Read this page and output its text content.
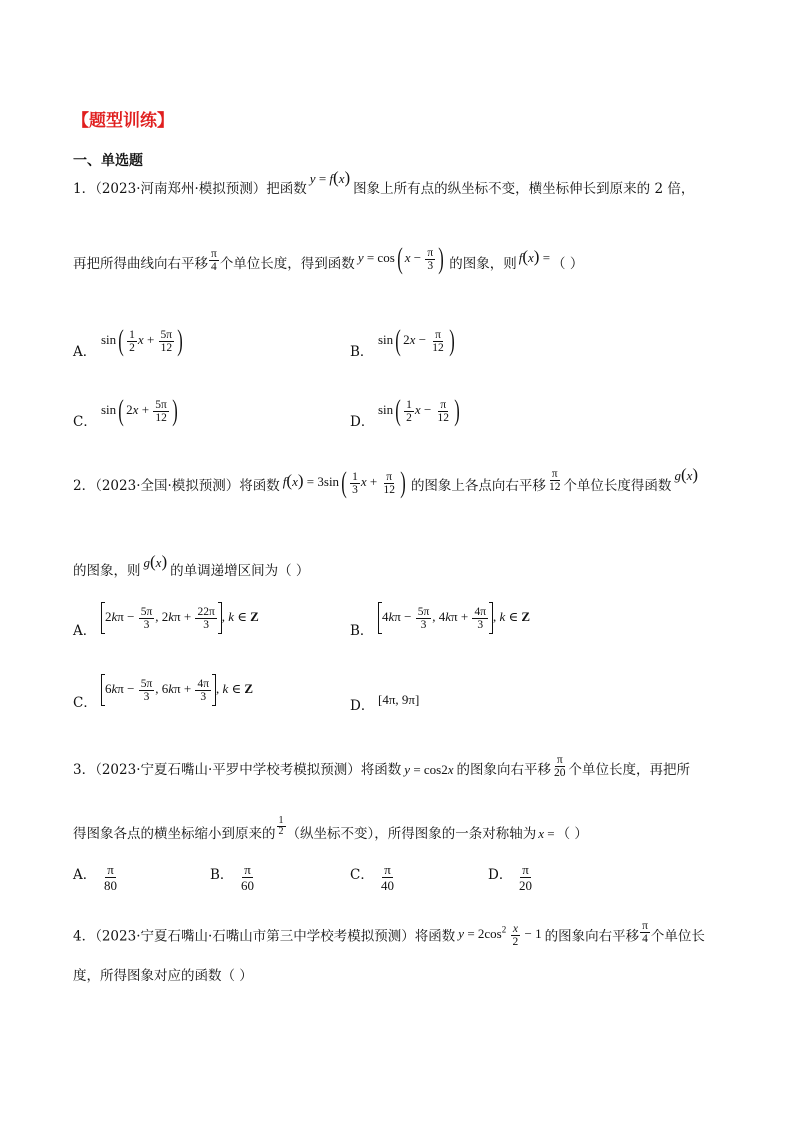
【题型训练】
一、单选题
1．（2023·河南郑州·模拟预测）把函数y = f(x)图象上所有点的纵坐标不变，横坐标伸长到原来的 2 倍，
再把所得曲线向右平移 $\frac{\pi}{4}$ 个单位长度，得到函数 y = cos( $x - \frac{\pi}{3}$ ) 的图象，则 f(x) = （ ）
A．$\sin( \frac{1}{2}$ $x + \frac{5\pi}{12}$ )	B．sin( $2x - \frac{\pi}{12}$ )
C．sin( $2x + \frac{5\pi}{12}$ )	D．$\sin( \frac{1}{2}$ $x - \frac{\pi}{12}$ )
2．（2023·全国·模拟预测）将函数 $f(x) = 3\sin( \frac{1}{3}$ $x + \frac{\pi}{12}$ ) 的图象上各点向右平移 $\frac{\pi}{12}$ 个单位长度得函数g(x)
的图象，则g(x) 的单调递增区间为（ ）
A．$2k\pi - \frac{5\pi}{3}$ , $2k\pi + \frac{22\pi}{3}$ , k ∈ Z
B．$4k\pi - \frac{5\pi}{3}$ , $4k\pi + \frac{4\pi}{3}$ , k ∈ Z
C．$6k\pi - \frac{5\pi}{3}$ , $6k\pi + \frac{4\pi}{3}$ , k ∈ Z
D． [4π, 9π]
3．（2023·宁夏石嘴山·平罗中学校考模拟预测）将函数 y = cos2x 的图象向右平移 $\frac{\pi}{20}$ 个单位长度，再把所
得图象各点的横坐标缩小到原来的 $\frac{1}{2}$ （纵坐标不变），所得图象的一条对称轴为 x = （ ）
A． $\frac{\pi}{80}$	B． $\frac{\pi}{60}$	C． $\frac{\pi}{40}$	D． $\frac{\pi}{20}$
4．（2023·宁夏石嘴山·石嘴山市第三中学校考模拟预测）将函数 $y = 2\cos^2 \frac{x}{2} - 1$ 的图象向右平移 $\frac{\pi}{4}$ 个单位长
度，所得图象对应的函数（ ）
